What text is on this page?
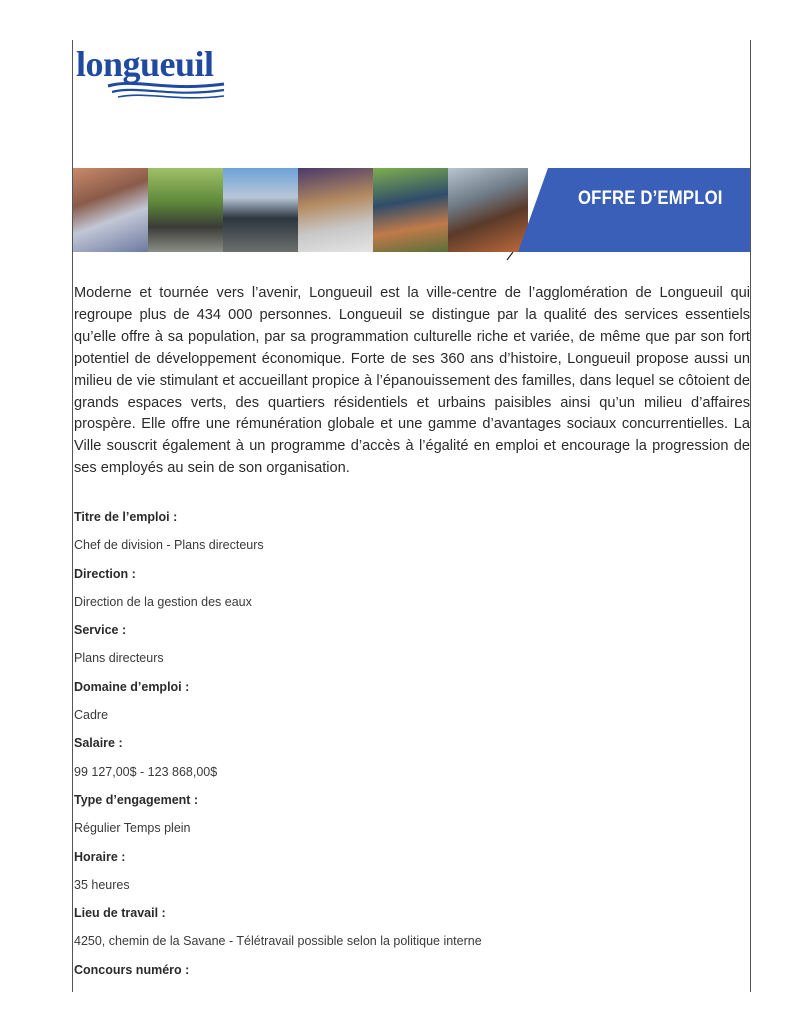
longueuil
OFFRE D’EMPLOI
Moderne et tournée vers l’avenir, Longueuil est la ville-centre de l’agglomération de Longueuil qui regroupe plus de 434 000 personnes. Longueuil se distingue par la qualité des services essentiels qu’elle offre à sa population, par sa programmation culturelle riche et variée, de même que par son fort potentiel de développement économique. Forte de ses 360 ans d’histoire, Longueuil propose aussi un milieu de vie stimulant et accueillant propice à l’épanouissement des familles, dans lequel se côtoient de grands espaces verts, des quartiers résidentiels et urbains paisibles ainsi qu’un milieu d’affaires prospère. Elle offre une rémunération globale et une gamme d’avantages sociaux concurrentielles. La Ville souscrit également à un programme d’accès à l’égalité en emploi et encourage la progression de ses employés au sein de son organisation.
Titre de l’emploi :
Chef de division - Plans directeurs
Direction :
Direction de la gestion des eaux
Service :
Plans directeurs
Domaine d’emploi :
Cadre
Salaire :
99 127,00$ - 123 868,00$
Type d’engagement :
Régulier Temps plein
Horaire :
35 heures
Lieu de travail :
4250, chemin de la Savane - Télétravail possible selon la politique interne
Concours numéro :
